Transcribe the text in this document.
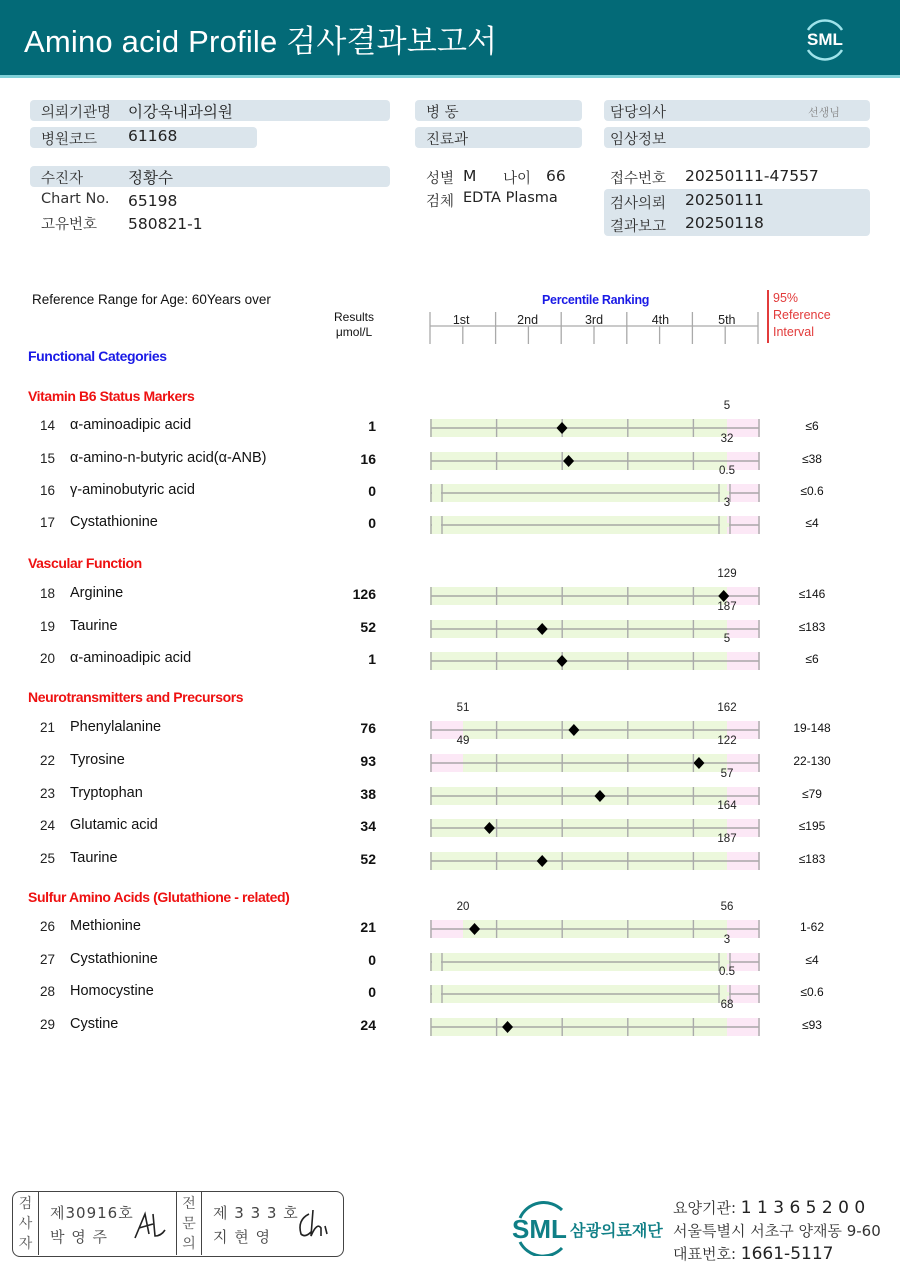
Amino acid Profile 검사결과보고서	SML
의뢰기관명 이강욱내과의원
병원코드 61168
병 동
진료과
담당의사	선생님
임상정보
수진자	정황수
Chart No. 65198
고유번호 580821-1
성별 M 나이 66
검체 EDTA Plasma
접수번호 20250111-47557
검사의뢰 20250111
결과보고 20250118
Reference Range for Age: 60Years over
Results
μmol/L
Percentile Ranking
1st	2nd	3rd	4th	5th
95%
Reference
Interval
Functional Categories
Vitamin B6 Status Markers
14 α-aminoadipic acid	1	≤6
5
15 α-amino-n-butyric acid(α-ANB)	16	≤38
32
16 γ-aminobutyric acid	0	≤0.6
0.5
17 Cystathionine	0	≤4
3
Vascular Function
18 Arginine	126	≤146
129
19 Taurine	52	≤183
187
20 α-aminoadipic acid	1	≤6
5
Neurotransmitters and Precursors
21 Phenylalanine	76	19-148
162
51
22 Tyrosine	93	22-130
122
49
23 Tryptophan	38	≤79
57
24 Glutamic acid	34	≤195
164
25 Taurine	52	≤183
187
Sulfur Amino Acids (Glutathione - related)
26 Methionine	21	1-62
56
20
27 Cystathionine	0	≤4
3
28 Homocystine	0	≤0.6
0.5
29 Cystine	24	≤93
68
검사자
제30916호
박 영 주
전문의
제 3 3 3 호
지 현 영	SML 삼광의료재단
요양기관: 1 1 3 6 5 2 0 0
서울특별시 서초구 양재동 9-60
대표번호: 1661-5117
